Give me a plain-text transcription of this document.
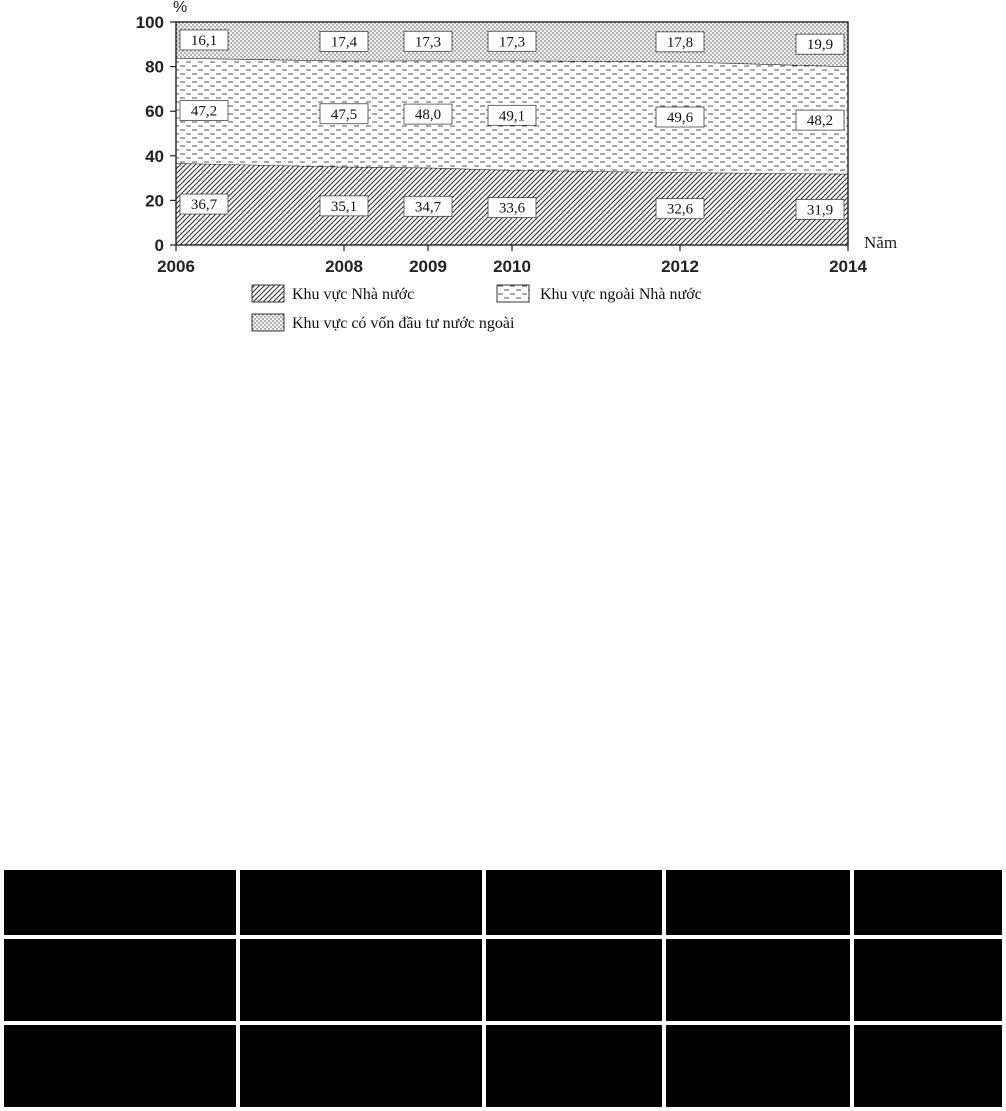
0
20
40
60
80
100
2006	2008	2009	2010	2012	2014
36,7	35,1	34,7	33,6	32,6	31,9
47,2	47,5	48,0	49,1	49,6	48,2
16,1	17,4	17,3	17,3	17,8	19,9
%
Năm
Khu vực Nhà nước	Khu vực ngoài Nhà nước
Khu vực có vốn đầu tư nước ngoài
